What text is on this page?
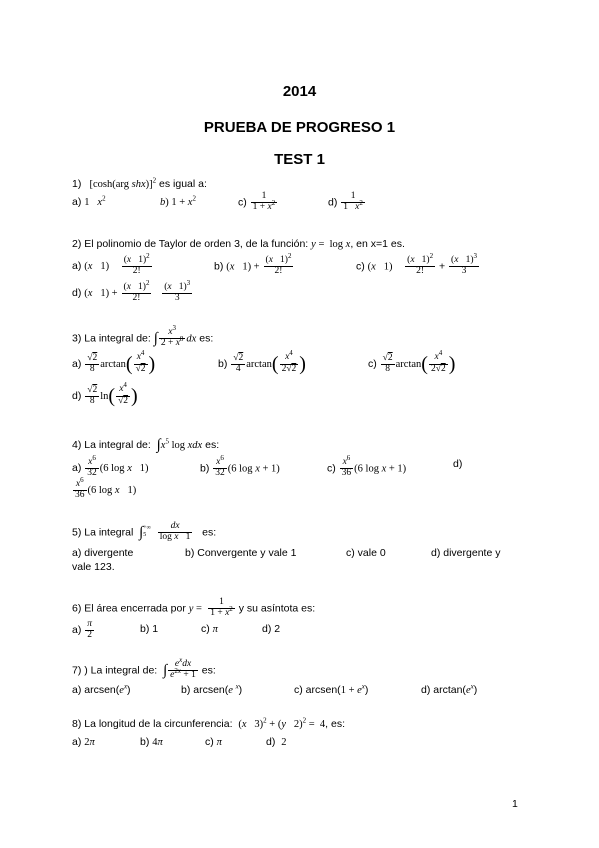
2014
PRUEBA DE PROGRESO 1
TEST 1
1) [cosh(arg shx)]$^2$ es igual a:
a) 1   $x^2$	b) $1 + x^2$	$c) \frac{1}{1 + x^2}$	$d) \frac{1}{1 x^2}$
2) El polinomio de Taylor de orden 3, de la función: y =  log x, en x=1 es.
a) (x   $1) \frac{(x 1)^2}{2!}$	b) (x   $1) + \frac{(x 1)^2}{2!}$	c) (x   $1) \frac{(x 1)^2}{2!} + \frac{(x 1)^3}{3}$
d) (x   $1) + \frac{(x 1)^2}{2!}$
$\frac{(x 1)^3}{3}$
3) La integral de: ∫ $\frac{x^3}{2 + x^8}$ dx es:
$a) \frac{√2}{8} \arctan( \frac{x^4}{√2}$ )	$b) \frac{√2}{4} \arctan( \frac{x^4}{2√2}$ )	$c) \frac{√2}{8} \arctan( \frac{x^4}{2√2}$ )
$d) \frac{√2}{8} \ln( \frac{x^4}{√2}$ )
4) La integral de: $\int x^5$ log xdx es:
$a) \frac{x^6}{32} (6$ log x   1)	$b) \frac{x^6}{32} (6$ log x + 1)	$c) \frac{x^6}{36} (6$ log x + 1)	d)
$\frac{x^6}{36} (6$ log x   1)
5) La integral ∫+∞
$5 \frac{dx}{\text{log x   1}}$ es:
a) divergente	b) Convergente y vale 1	c) vale 0	d) divergente y
vale 123.
6) El área encerrada por $y = \frac{1}{1 + x^2}$ y su asíntota es:
$a) \frac{\pi}{2}$	b) 1	c) π	d) 2
7) ) La integral de: ∫ $\frac{e^xdx}{e^{2x} + 1}$ es:
a) $arcsen(e^x)$	b) arcsen(e $^x$)	c) arcsen(1 + $e^x$)	d) $\arctan(e^x)$
8) La longitud de la circunferencia: (x   3)$^2$ + (y   2)$^2$ =  4, es:
a) 2π	b) 4π	c) π	d) 2
1
